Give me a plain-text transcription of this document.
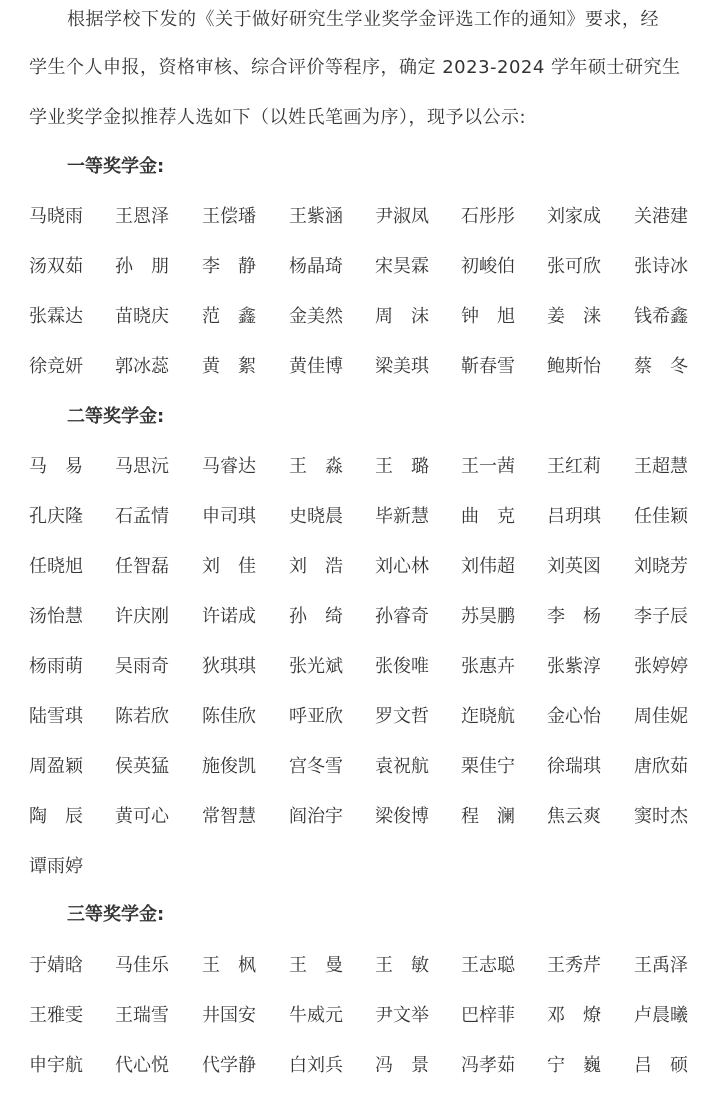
根据学校下发的《关于做好研究生学业奖学金评选工作的通知》要求，经
学生个人申报，资格审核、综合评价等程序，确定 2023-2024 学年硕士研究生
学业奖学金拟推荐人选如下（以姓氏笔画为序），现予以公示:
一等奖学金:
马晓雨 王恩泽 王偿璠 王紫涵 尹淑凤 石彤彤 刘家成 关港建
汤双茹 孙　朋 李　静 杨晶琦 宋昊霖 初峻伯 张可欣 张诗冰
张霖达 苗晓庆 范　鑫 金美然 周　沫 钟　旭 姜　涞 钱希鑫
徐竞妍 郭冰蕊 黄　絮 黄佳博 梁美琪 靳春雪 鲍斯怡 蔡　冬
二等奖学金:
马　易 马思沅 马睿达 王　淼 王　璐 王一茜 王红莉 王超慧
孔庆隆 石孟情 申司琪 史晓晨 毕新慧 曲　克 吕玥琪 任佳颖
任晓旭 任智磊 刘　佳 刘　浩 刘心林 刘伟超 刘英図 刘晓芳
汤怡慧 许庆刚 许诺成 孙　绮 孙睿奇 苏昊鹏 李　杨 李子辰
杨雨萌 吴雨奇 狄琪琪 张光斌 张俊唯 张惠卉 张紫淳 张婷婷
陆雪琪 陈若欣 陈佳欣 呼亚欣 罗文哲 迮晓航 金心怡 周佳妮
周盈颖 侯英猛 施俊凯 宫冬雪 袁祝航 栗佳宁 徐瑞琪 唐欣茹
陶　辰 黄可心 常智慧 阎治宇 梁俊博 程　澜 焦云爽 窦时杰
谭雨婷
三等奖学金:
于婧晗 马佳乐 王　枫 王　曼 王　敏 王志聪 王秀芹 王禹泽
王雅雯 王瑞雪 井国安 牛威元 尹文举 巴梓菲 邓　燎 卢晨曦
申宇航 代心悦 代学静 白刘兵 冯　景 冯孝茹 宁　巍 吕　硕
